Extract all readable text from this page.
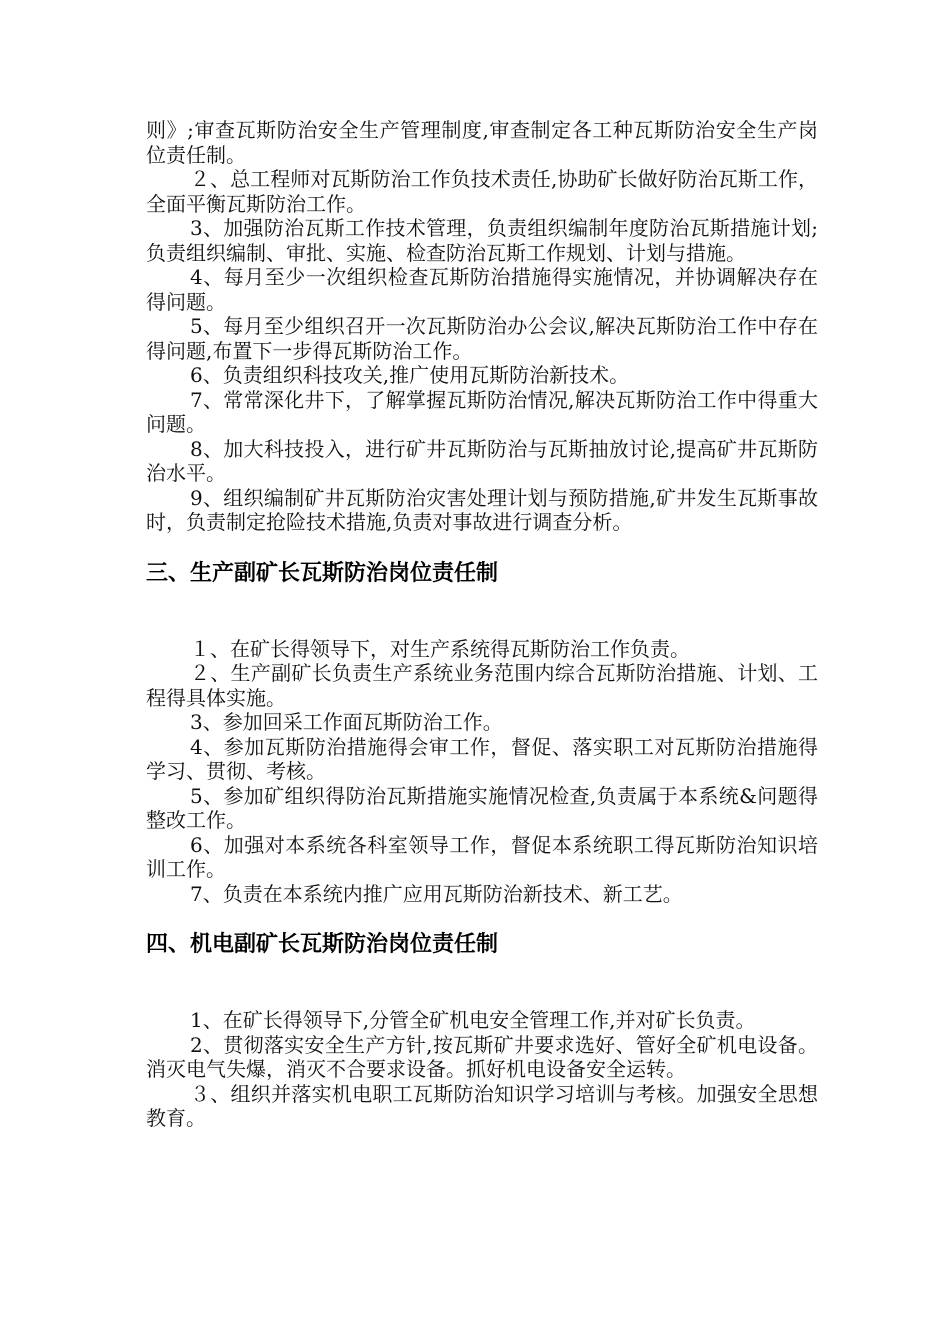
则》;审查瓦斯防治安全生产管理制度,审查制定各工种瓦斯防治安全生产岗位责任制。

２、总工程师对瓦斯防治工作负技术责任,协助矿长做好防治瓦斯工作，全面平衡瓦斯防治工作。

3、加强防治瓦斯工作技术管理，负责组织编制年度防治瓦斯措施计划;负责组织编制、审批、实施、检查防治瓦斯工作规划、计划与措施。

4、每月至少一次组织检查瓦斯防治措施得实施情况，并协调解决存在得问题。

5、每月至少组织召开一次瓦斯防治办公会议,解决瓦斯防治工作中存在得问题,布置下一步得瓦斯防治工作。

6、负责组织科技攻关,推广使用瓦斯防治新技术。

7、常常深化井下，了解掌握瓦斯防治情况,解决瓦斯防治工作中得重大问题。

8、加大科技投入，进行矿井瓦斯防治与瓦斯抽放讨论,提高矿井瓦斯防治水平。

9、组织编制矿井瓦斯防治灾害处理计划与预防措施,矿井发生瓦斯事故时，负责制定抢险技术措施,负责对事故进行调查分析。

三、生产副矿长瓦斯防治岗位责任制

１、在矿长得领导下，对生产系统得瓦斯防治工作负责。

２、生产副矿长负责生产系统业务范围内综合瓦斯防治措施、计划、工程得具体实施。

3、参加回采工作面瓦斯防治工作。

4、参加瓦斯防治措施得会审工作，督促、落实职工对瓦斯防治措施得学习、贯彻、考核。

5、参加矿组织得防治瓦斯措施实施情况检查,负责属于本系统&问题得整改工作。

6、加强对本系统各科室领导工作，督促本系统职工得瓦斯防治知识培训工作。

7、负责在本系统内推广应用瓦斯防治新技术、新工艺。

四、机电副矿长瓦斯防治岗位责任制

1、在矿长得领导下,分管全矿机电安全管理工作,并对矿长负责。

2、贯彻落实安全生产方针,按瓦斯矿井要求选好、管好全矿机电设备。消灭电气失爆，消灭不合要求设备。抓好机电设备安全运转。

３、组织并落实机电职工瓦斯防治知识学习培训与考核。加强安全思想教育。
